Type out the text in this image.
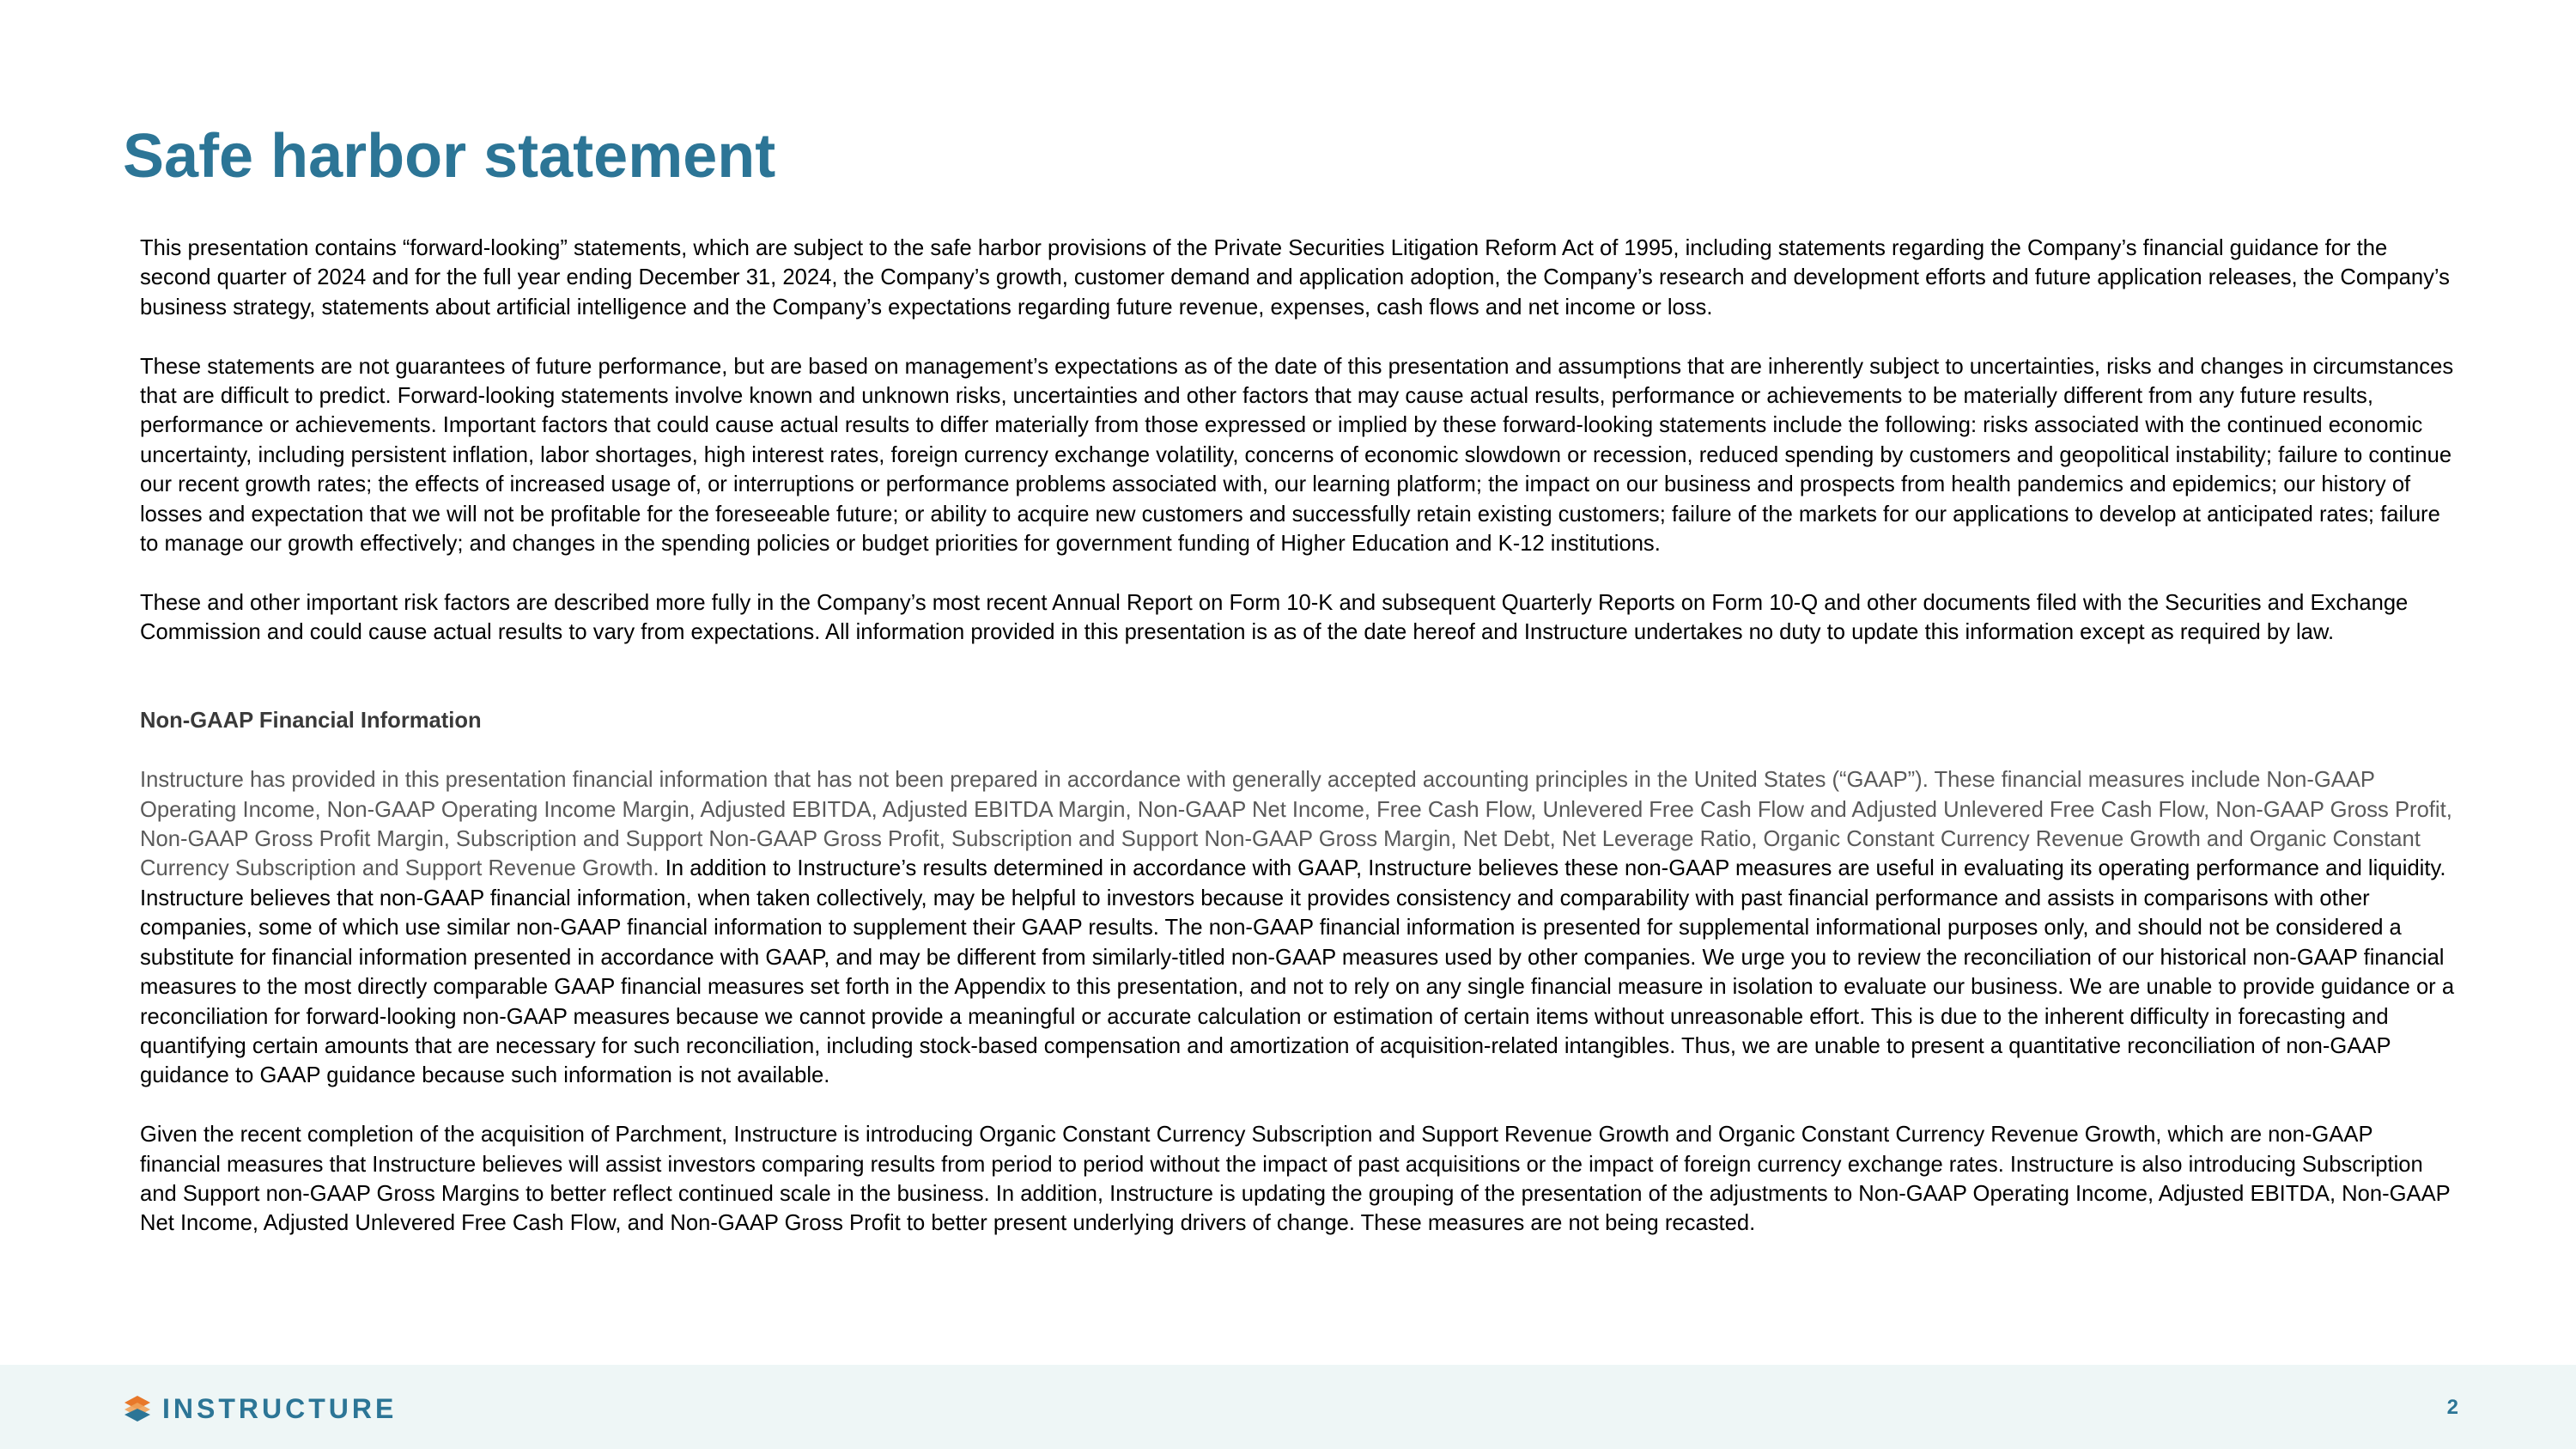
Safe harbor statement

This presentation contains “forward-looking” statements, which are subject to the safe harbor provisions of the Private Securities Litigation Reform Act of 1995, including statements regarding the Company’s financial guidance for the second quarter of 2024 and for the full year ending December 31, 2024, the Company’s growth, customer demand and application adoption, the Company’s research and development efforts and future application releases, the Company’s business strategy, statements about artificial intelligence and the Company’s expectations regarding future revenue, expenses, cash flows and net income or loss.

These statements are not guarantees of future performance, but are based on management’s expectations as of the date of this presentation and assumptions that are inherently subject to uncertainties, risks and changes in circumstances that are difficult to predict. Forward-looking statements involve known and unknown risks, uncertainties and other factors that may cause actual results, performance or achievements to be materially different from any future results, performance or achievements. Important factors that could cause actual results to differ materially from those expressed or implied by these forward-looking statements include the following: risks associated with the continued economic uncertainty, including persistent inflation, labor shortages, high interest rates, foreign currency exchange volatility, concerns of economic slowdown or recession, reduced spending by customers and geopolitical instability; failure to continue our recent growth rates; the effects of increased usage of, or interruptions or performance problems associated with, our learning platform; the impact on our business and prospects from health pandemics and epidemics; our history of losses and expectation that we will not be profitable for the foreseeable future; or ability to acquire new customers and successfully retain existing customers; failure of the markets for our applications to develop at anticipated rates; failure to manage our growth effectively; and changes in the spending policies or budget priorities for government funding of Higher Education and K-12 institutions.

These and other important risk factors are described more fully in the Company’s most recent Annual Report on Form 10-K and subsequent Quarterly Reports on Form 10-Q and other documents filed with the Securities and Exchange Commission and could cause actual results to vary from expectations. All information provided in this presentation is as of the date hereof and Instructure undertakes no duty to update this information except as required by law.

Non-GAAP Financial Information

Instructure has provided in this presentation financial information that has not been prepared in accordance with generally accepted accounting principles in the United States (“GAAP”). These financial measures include Non-GAAP Operating Income, Non-GAAP Operating Income Margin, Adjusted EBITDA, Adjusted EBITDA Margin, Non-GAAP Net Income, Free Cash Flow, Unlevered Free Cash Flow and Adjusted Unlevered Free Cash Flow, Non-GAAP Gross Profit, Non-GAAP Gross Profit Margin, Subscription and Support Non-GAAP Gross Profit, Subscription and Support Non-GAAP Gross Margin, Net Debt, Net Leverage Ratio, Organic Constant Currency Revenue Growth and Organic Constant Currency Subscription and Support Revenue Growth. In addition to Instructure’s results determined in accordance with GAAP, Instructure believes these non-GAAP measures are useful in evaluating its operating performance and liquidity. Instructure believes that non-GAAP financial information, when taken collectively, may be helpful to investors because it provides consistency and comparability with past financial performance and assists in comparisons with other companies, some of which use similar non-GAAP financial information to supplement their GAAP results. The non-GAAP financial information is presented for supplemental informational purposes only, and should not be considered a substitute for financial information presented in accordance with GAAP, and may be different from similarly-titled non-GAAP measures used by other companies. We urge you to review the reconciliation of our historical non-GAAP financial measures to the most directly comparable GAAP financial measures set forth in the Appendix to this presentation, and not to rely on any single financial measure in isolation to evaluate our business. We are unable to provide guidance or a reconciliation for forward-looking non-GAAP measures because we cannot provide a meaningful or accurate calculation or estimation of certain items without unreasonable effort. This is due to the inherent difficulty in forecasting and quantifying certain amounts that are necessary for such reconciliation, including stock-based compensation and amortization of acquisition-related intangibles. Thus, we are unable to present a quantitative reconciliation of non-GAAP guidance to GAAP guidance because such information is not available.

Given the recent completion of the acquisition of Parchment, Instructure is introducing Organic Constant Currency Subscription and Support Revenue Growth and Organic Constant Currency Revenue Growth, which are non-GAAP financial measures that Instructure believes will assist investors comparing results from period to period without the impact of past acquisitions or the impact of foreign currency exchange rates. Instructure is also introducing Subscription and Support non-GAAP Gross Margins to better reflect continued scale in the business. In addition, Instructure is updating the grouping of the presentation of the adjustments to Non-GAAP Operating Income, Adjusted EBITDA, Non-GAAP Net Income, Adjusted Unlevered Free Cash Flow, and Non-GAAP Gross Profit to better present underlying drivers of change. These measures are not being recasted.

INSTRUCTURE	2
